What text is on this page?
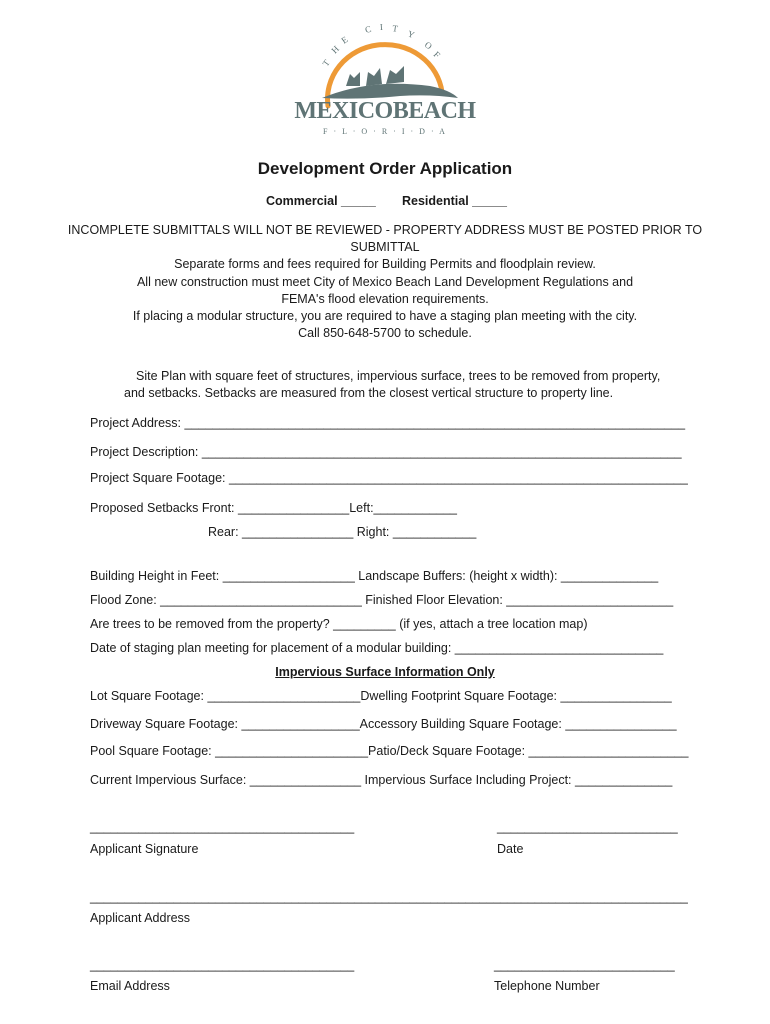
T
H
E
C I T
Y
O
F
MEXICOBEACH
F · L · O · R · I · D · A
Development Order Application
Commercial _____ Residential _____
INCOMPLETE SUBMITTALS WILL NOT BE REVIEWED - PROPERTY ADDRESS MUST BE POSTED PRIOR TO
SUBMITTAL
Separate forms and fees required for Building Permits and floodplain review.
All new construction must meet City of Mexico Beach Land Development Regulations and
FEMA's flood elevation requirements.
If placing a modular structure, you are required to have a staging plan meeting with the city.
Call 850-648-5700 to schedule.
Site Plan with square feet of structures, impervious surface, trees to be removed from property,
and setbacks. Setbacks are measured from the closest vertical structure to property line.
Project Address: ________________________________________________________________________
Project Description: _____________________________________________________________________
Project Square Footage: __________________________________________________________________
Proposed Setbacks Front: ________________Left:____________
Rear: ________________ Right: ____________
Building Height in Feet: ___________________ Landscape Buffers: (height x width): ______________
Flood Zone: _____________________________ Finished Floor Elevation: ________________________
Are trees to be removed from the property? _________ (if yes, attach a tree location map)
Date of staging plan meeting for placement of a modular building: ______________________________
Impervious Surface Information Only
Lot Square Footage: ______________________Dwelling Footprint Square Footage: ________________
Driveway Square Footage: _________________Accessory Building Square Footage: ________________
Pool Square Footage: ______________________Patio/Deck Square Footage: _______________________
Current Impervious Surface: ________________ Impervious Surface Including Project: ______________
______________________________________	__________________________
Applicant Signature	Date
______________________________________________________________________________________
Applicant Address
______________________________________	__________________________
Email Address	Telephone Number
